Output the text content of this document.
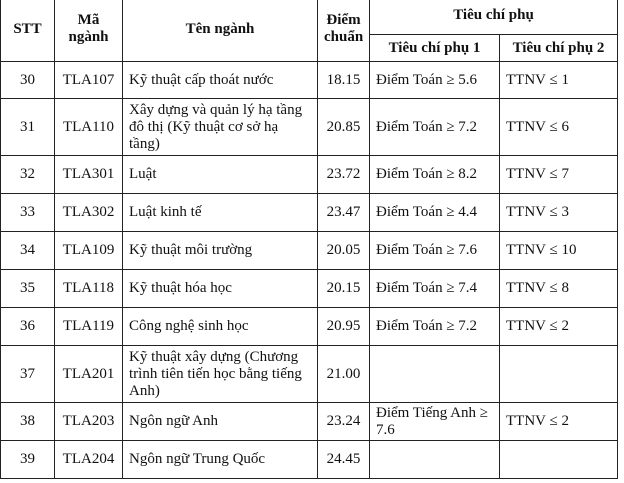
STT	Mã ngành	Tên ngành	Điểm chuẩn	Tiêu chí phụ	
				Tiêu chí phụ 1	Tiêu chí phụ 2
30	TLA107	Kỹ thuật cấp thoát nước	18.15	Điểm Toán ≥ 5.6	TTNV ≤ 1
31	TLA110	Xây dựng và quản lý hạ tầng đô thị (Kỹ thuật cơ sở hạ tầng)	20.85	Điểm Toán ≥ 7.2	TTNV ≤ 6
32	TLA301	Luật	23.72	Điểm Toán ≥ 8.2	TTNV ≤ 7
33	TLA302	Luật kinh tế	23.47	Điểm Toán ≥ 4.4	TTNV ≤ 3
34	TLA109	Kỹ thuật môi trường	20.05	Điểm Toán ≥ 7.6	TTNV ≤ 10
35	TLA118	Kỹ thuật hóa học	20.15	Điểm Toán ≥ 7.4	TTNV ≤ 8
36	TLA119	Công nghệ sinh học	20.95	Điểm Toán ≥ 7.2	TTNV ≤ 2
37	TLA201	Kỹ thuật xây dựng (Chương trình tiên tiến học bằng tiếng Anh)	21.00		
38	TLA203	Ngôn ngữ Anh	23.24	Điểm Tiếng Anh ≥ 7.6	TTNV ≤ 2
39	TLA204	Ngôn ngữ Trung Quốc	24.45		
